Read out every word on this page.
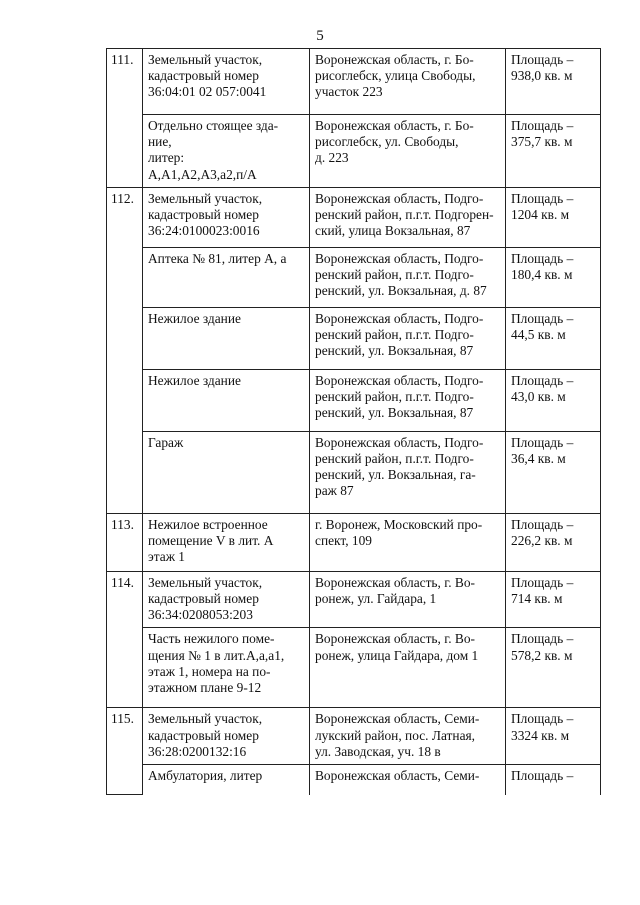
5
111.	Земельный участок,
кадастровый номер
36:04:01 02 057:0041	Воронежская область, г. Бо-
рисоглебск, улица Свободы,
участок 223	Площадь –
938,0 кв. м

	Отдельно стоящее зда-
ние,
литер:
А,А1,А2,А3,а2,п/А	Воронежская область, г. Бо-
рисоглебск, ул. Свободы,
д. 223	Площадь –
375,7 кв. м

112.	Земельный участок,
кадастровый номер
36:24:0100023:0016	Воронежская область, Подго-
ренский район, п.г.т. Подгорен-
ский, улица Вокзальная, 87	Площадь –
1204 кв. м

	Аптека № 81, литер А, а	Воронежская область, Подго-
ренский район, п.г.т. Подго-
ренский, ул. Вокзальная, д. 87	Площадь –
180,4 кв. м

	Нежилое здание	Воронежская область, Подго-
ренский район, п.г.т. Подго-
ренский, ул. Вокзальная, 87	Площадь –
44,5 кв. м

	Нежилое здание	Воронежская область, Подго-
ренский район, п.г.т. Подго-
ренский, ул. Вокзальная, 87	Площадь –
43,0 кв. м

	Гараж	Воронежская область, Подго-
ренский район, п.г.т. Подго-
ренский, ул. Вокзальная, га-
раж 87	Площадь –
36,4 кв. м

113.	Нежилое встроенное
помещение V в лит. А
этаж 1	г. Воронеж, Московский про-
спект, 109	Площадь –
226,2 кв. м

114.	Земельный участок,
кадастровый номер
36:34:0208053:203	Воронежская область, г. Во-
ронеж, ул. Гайдара, 1	Площадь –
714 кв. м

	Часть нежилого поме-
щения № 1 в лит.А,а,а1,
этаж 1, номера на по-
этажном плане 9-12	Воронежская область, г. Во-
ронеж, улица Гайдара, дом 1	Площадь –
578,2 кв. м

115.	Земельный участок,
кадастровый номер
36:28:0200132:16	Воронежская область, Семи-
лукский район, пос. Латная,
ул. Заводская, уч. 18 в	Площадь –
3324 кв. м

	Амбулатория, литер	Воронежская область, Семи-	Площадь –
